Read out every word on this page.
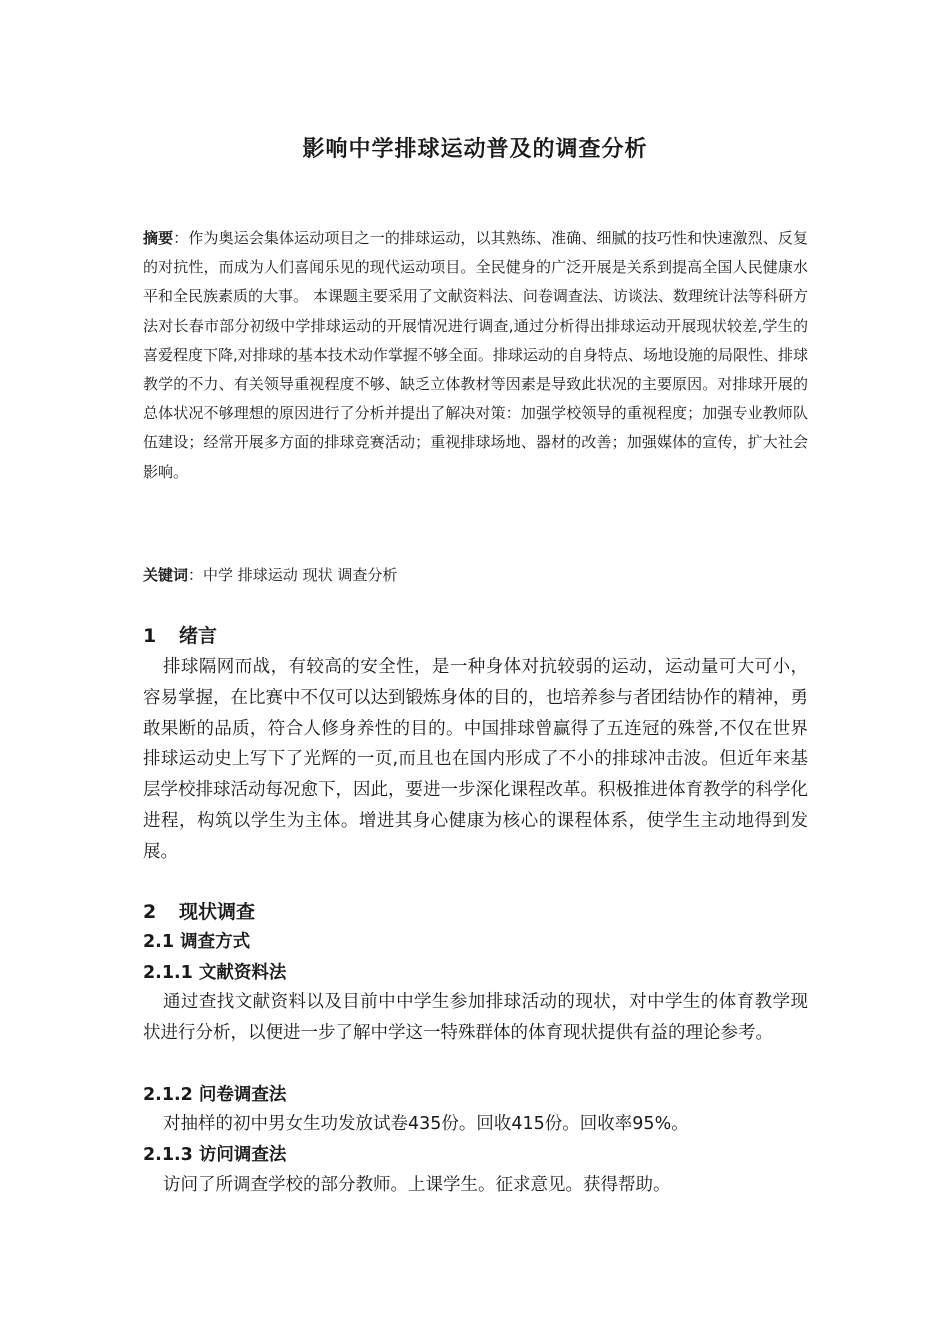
影响中学排球运动普及的调查分析

摘要：作为奥运会集体运动项目之一的排球运动，以其熟练、准确、细腻的技巧性和快速激烈、反复的对抗性，而成为人们喜闻乐见的现代运动项目。全民健身的广泛开展是关系到提高全国人民健康水平和全民族素质的大事。 本课题主要采用了文献资料法、问卷调查法、访谈法、数理统计法等科研方法对长春市部分初级中学排球运动的开展情况进行调查,通过分析得出排球运动开展现状较差,学生的喜爱程度下降,对排球的基本技术动作掌握不够全面。排球运动的自身特点、场地设施的局限性、排球教学的不力、有关领导重视程度不够、缺乏立体教材等因素是导致此状况的主要原因。对排球开展的总体状况不够理想的原因进行了分析并提出了解决对策：加强学校领导的重视程度；加强专业教师队伍建设；经常开展多方面的排球竞赛活动；重视排球场地、器材的改善；加强媒体的宣传，扩大社会影响。

关键词：中学 排球运动 现状 调查分析

1 绪言

排球隔网而战，有较高的安全性，是一种身体对抗较弱的运动，运动量可大可小，容易掌握，在比赛中不仅可以达到锻炼身体的目的，也培养参与者团结协作的精神，勇敢果断的品质，符合人修身养性的目的。中国排球曾赢得了五连冠的殊誉,不仅在世界排球运动史上写下了光辉的一页,而且也在国内形成了不小的排球冲击波。但近年来基层学校排球活动每况愈下，因此，要进一步深化课程改革。积极推进体育教学的科学化进程，构筑以学生为主体。增进其身心健康为核心的课程体系，使学生主动地得到发展。

2 现状调查
2.1 调查方式
2.1.1 文献资料法

通过查找文献资料以及目前中中学生参加排球活动的现状，对中学生的体育教学现状进行分析，以便进一步了解中学这一特殊群体的体育现状提供有益的理论参考。

2.1.2 问卷调查法

对抽样的初中男女生功发放试卷435份。回收415份。回收率95%。

2.1.3 访问调查法

访问了所调查学校的部分教师。上课学生。征求意见。获得帮助。
